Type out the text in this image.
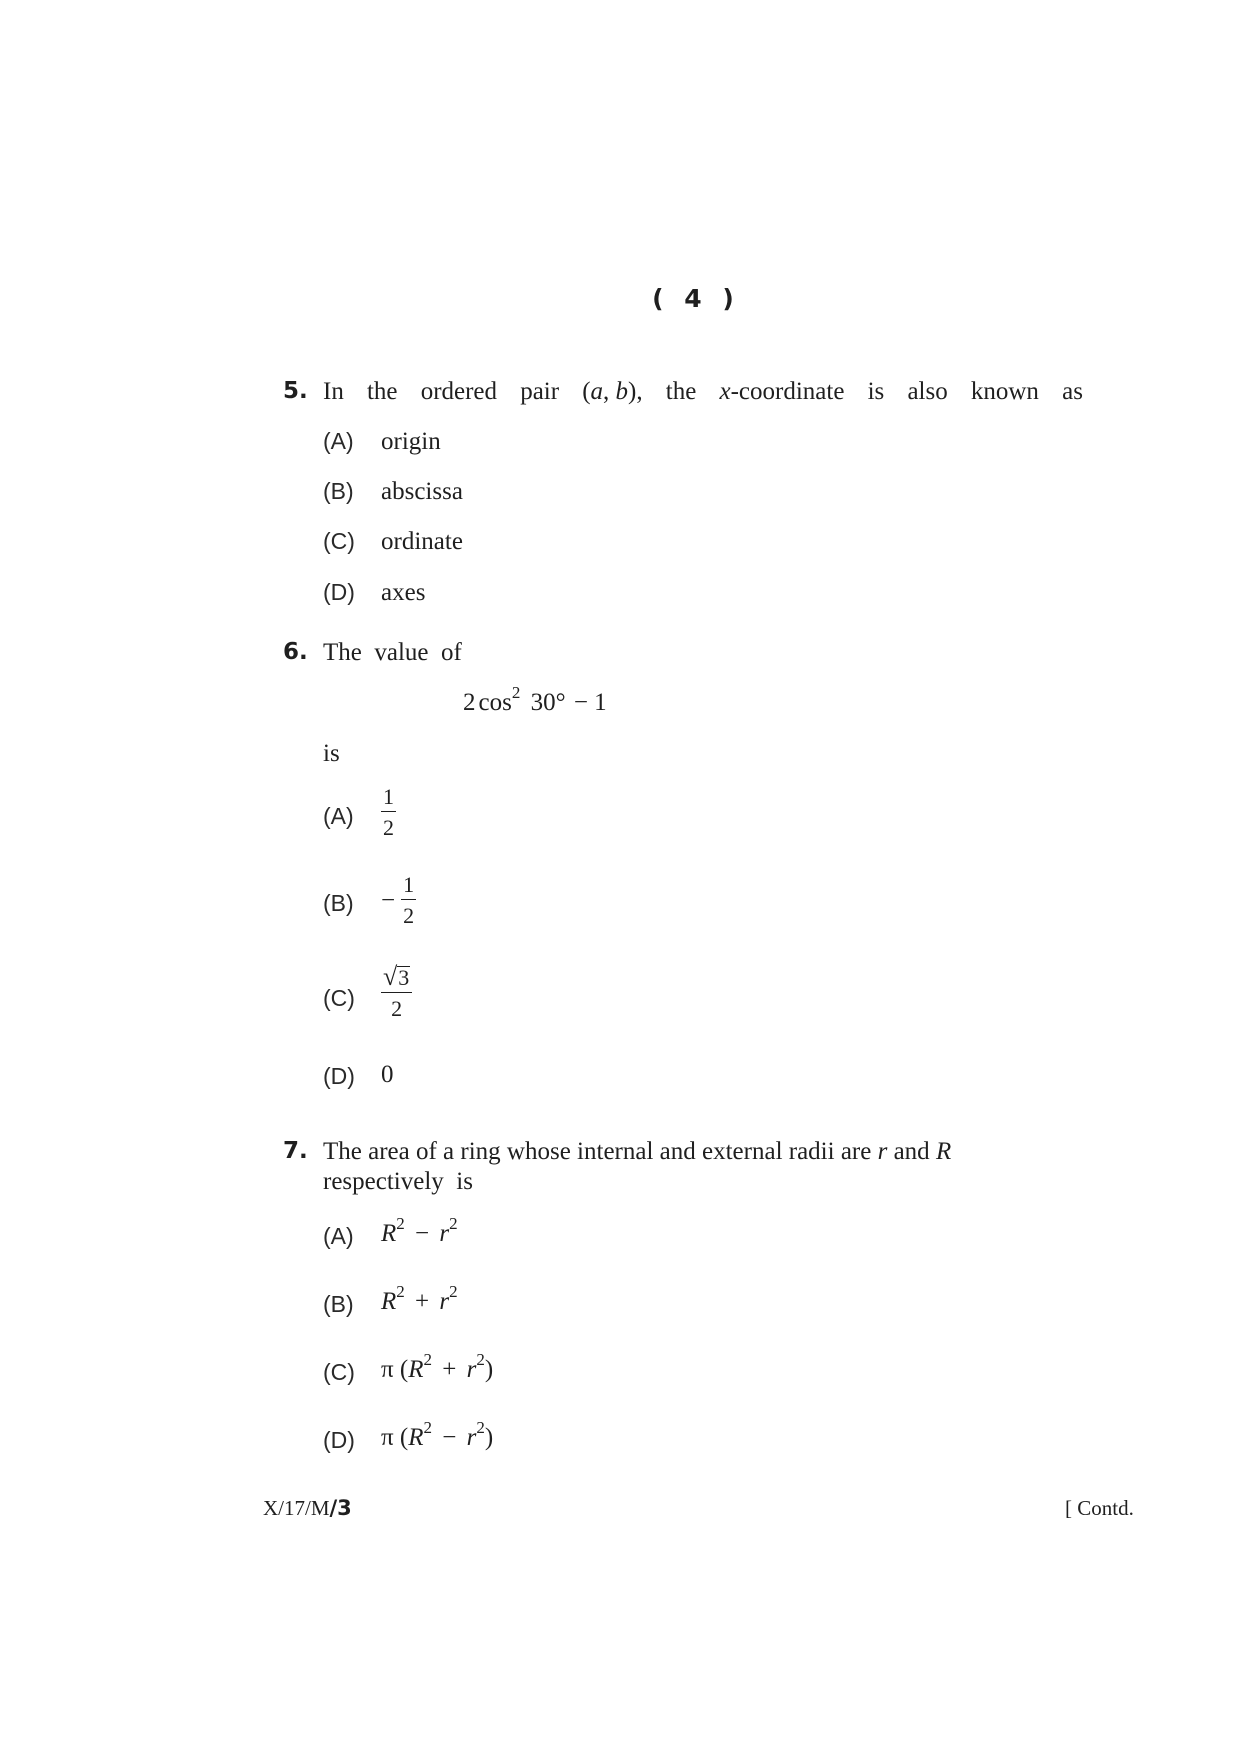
( 4 )
5. In the ordered pair (a, b), the x-coordinate is also known as
(A) origin
(B) abscissa
(C) ordinate
(D) axes
6. The  value  of
2 $\cos^2 30^\circ - 1$
is
$(A) \frac{1}{2}$
$(B) - \frac{1}{2}$
$(C) \frac{√ 3}{2}$
(D) 0
7. The area of a ring whose internal and external radii are r and R
respectively  is
(A) $R^2 - r^2$
(B) $R^2 + r^2$
(C) π $(R^2 + r^2)$
(D) π $(R^2 - r^2)$
X/17/M/3	[ Contd.
